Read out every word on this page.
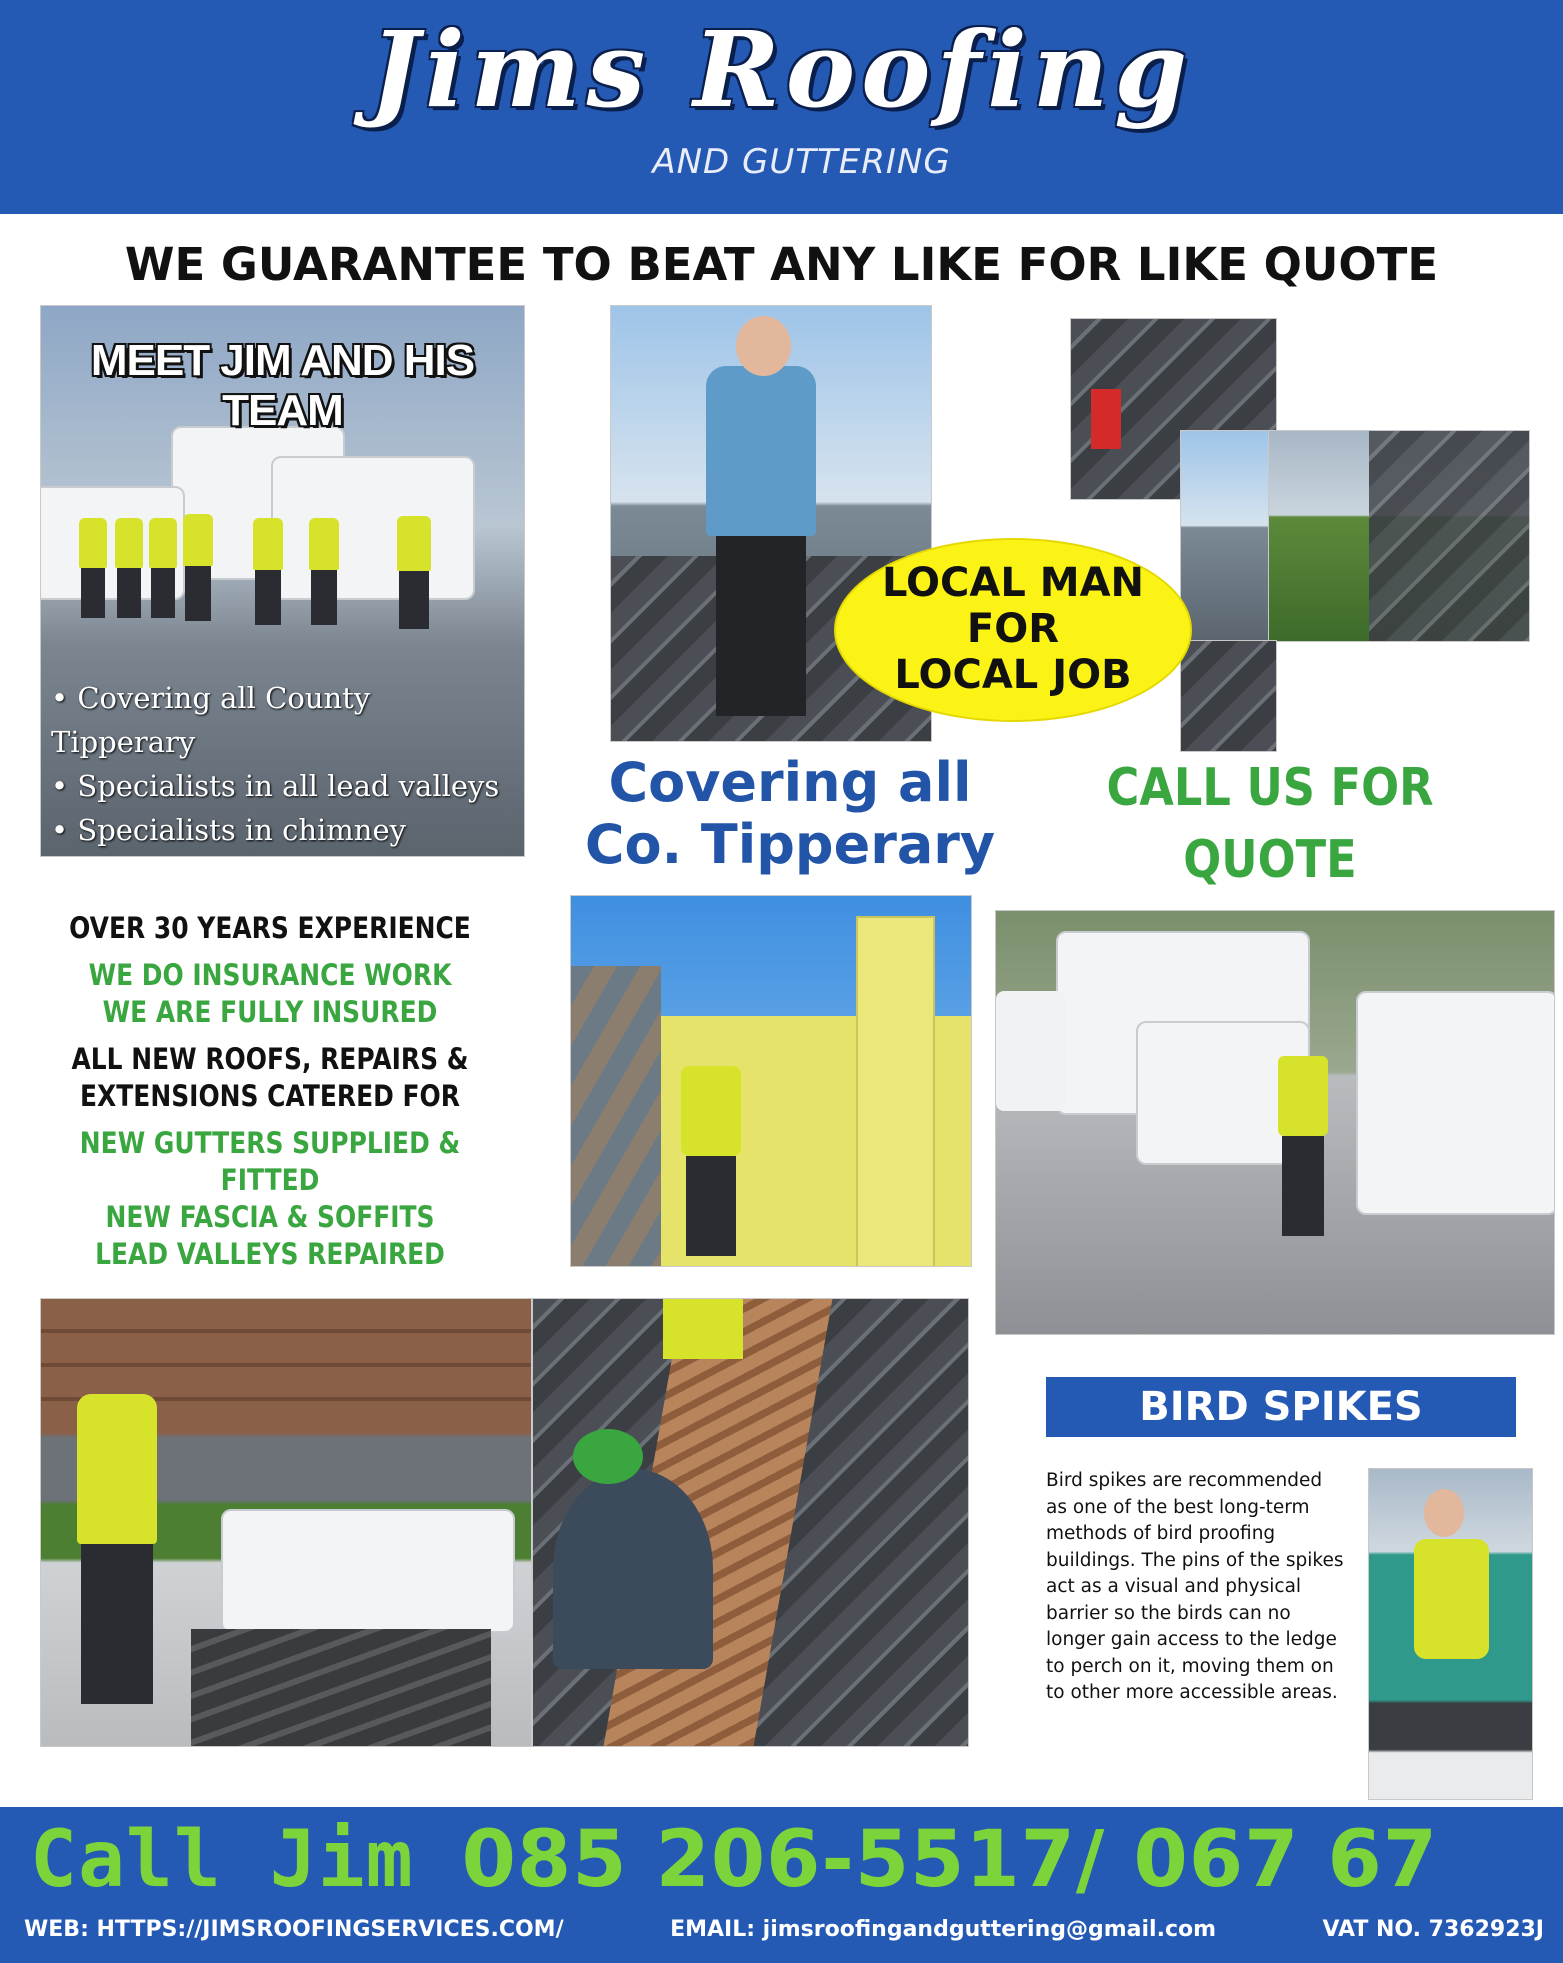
Jims Roofing
AND GUTTERING
WE GUARANTEE TO BEAT ANY LIKE FOR LIKE QUOTE
MEET JIM AND HIS TEAM
• Covering all County Tipperary
• Specialists in all lead valleys
• Specialists in chimney
LOCAL MAN
FOR
LOCAL JOB
Covering all
Co. Tipperary
CALL US FOR QUOTE
OVER 30 YEARS EXPERIENCE
WE DO INSURANCE WORK
WE ARE FULLY INSURED
ALL NEW ROOFS, REPAIRS &
EXTENSIONS CATERED FOR
NEW GUTTERS SUPPLIED & FITTED
NEW FASCIA & SOFFITS
LEAD VALLEYS REPAIRED
BIRD SPIKES
Bird spikes are recommended
as one of the best long-term
methods of bird proofing
buildings. The pins of the spikes
act as a visual and physical
barrier so the birds can no
longer gain access to the ledge
to perch on it, moving them on
to other more accessible areas.
Call Jim 085 206-5517/ 067 67
WEB: HTTPS://JIMSROOFINGSERVICES.COM/	EMAIL: jimsroofingandguttering@gmail.com	VAT NO. 7362923J
